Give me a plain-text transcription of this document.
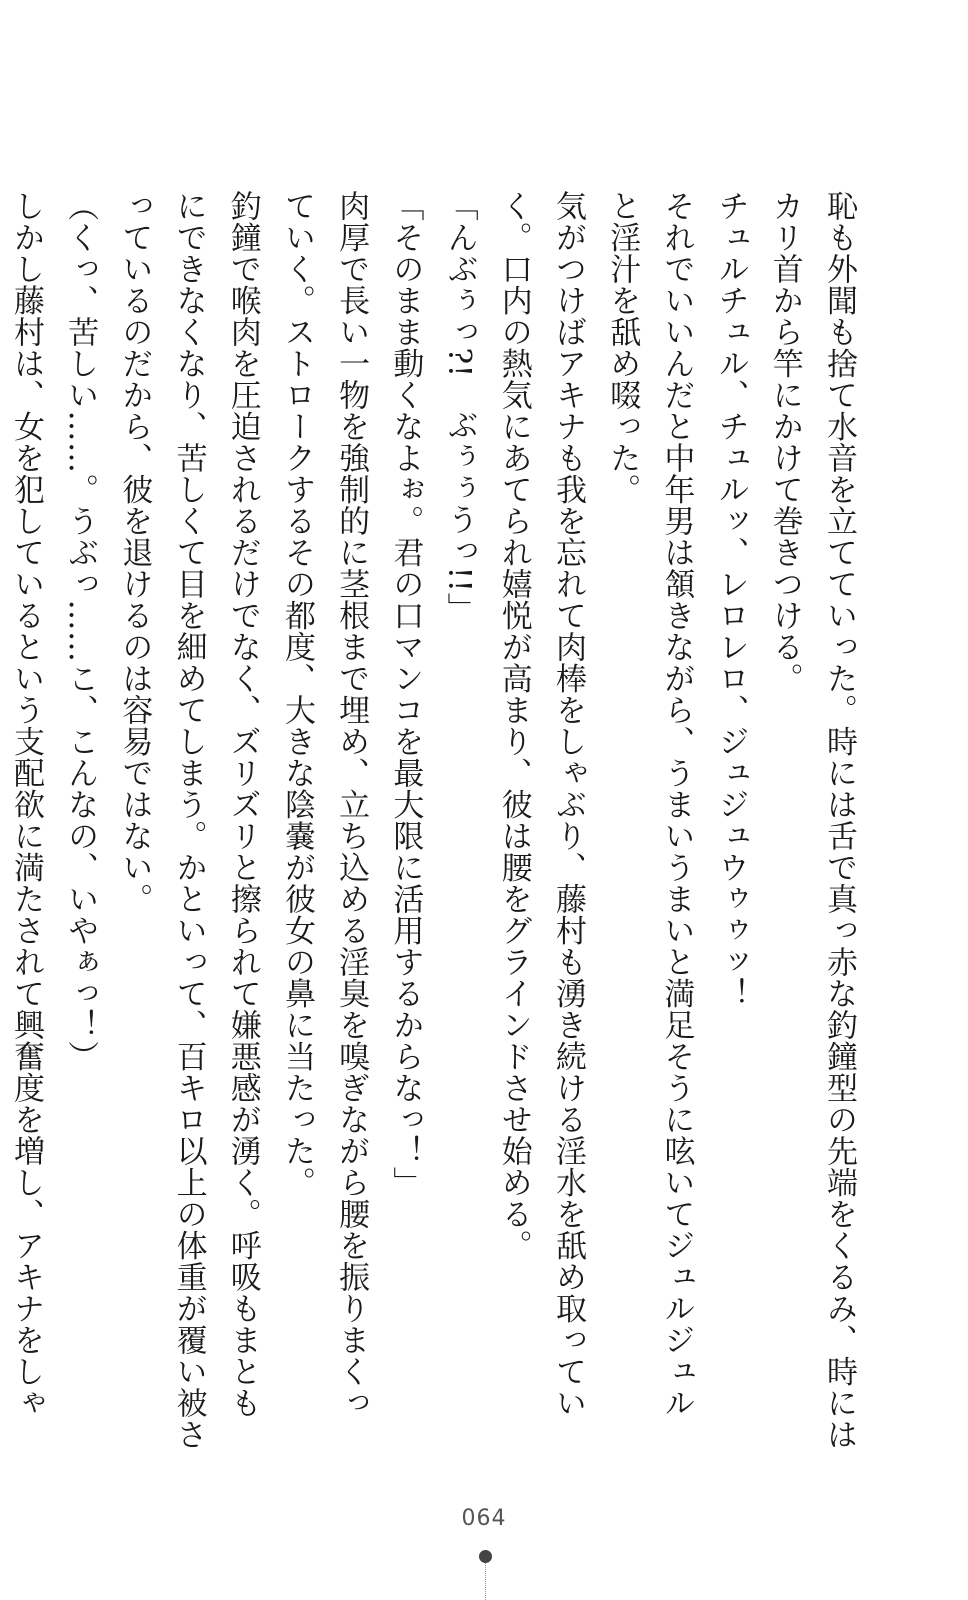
恥も外聞も捨て水音を立てていった。時には舌で真っ赤な釣鐘型の先端をくるみ、時には
カリ首から竿にかけて巻きつける。
チュルチュル、チュルッ、レロレロ、ジュジュウゥゥッ！
それでいいんだと中年男は頷きながら、うまいうまいと満足そうに呟いてジュルジュル
と淫汁を舐め啜った。
気がつけばアキナも我を忘れて肉棒をしゃぶり、藤村も湧き続ける淫水を舐め取ってい
く。口内の熱気にあてられ嬉悦が高まり、彼は腰をグラインドさせ始める。
「んぶぅっ?!　ぶぅぅうっ!!」
「そのまま動くなよぉ。君の口マンコを最大限に活用するからなっ！」
肉厚で長い一物を強制的に茎根まで埋め、立ち込める淫臭を嗅ぎながら腰を振りまくっ
ていく。ストロークするその都度、大きな陰嚢が彼女の鼻に当たった。
釣鐘で喉肉を圧迫されるだけでなく、ズリズリと擦られて嫌悪感が湧く。呼吸もまとも
にできなくなり、苦しくて目を細めてしまう。かといって、百キロ以上の体重が覆い被さ
っているのだから、彼を退けるのは容易ではない。
（くっ、苦しい……。うぶっ……こ、こんなの、いやぁっ！）
しかし藤村は、女を犯しているという支配欲に満たされて興奮度を増し、アキナをしゃ
064
